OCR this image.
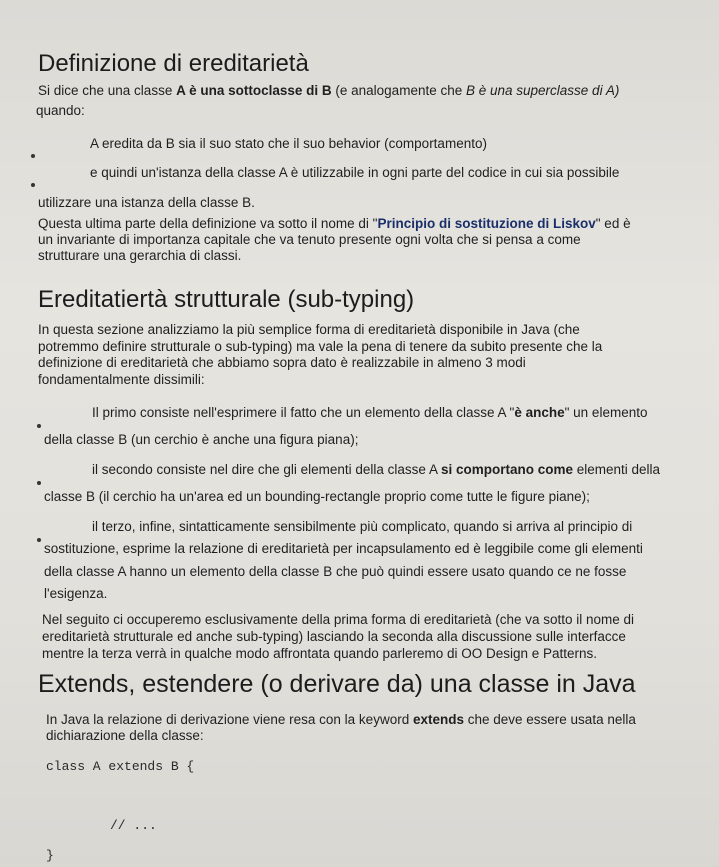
Definizione di ereditarietà
Si dice che una classe A è una sottoclasse di B (e analogamente che B è una superclasse di A)
quando:
A eredita da B sia il suo stato che il suo behavior (comportamento)
e quindi un'istanza della classe A è utilizzabile in ogni parte del codice in cui sia possibile
utilizzare una istanza della classe B.
Questa ultima parte della definizione va sotto il nome di "Principio di sostituzione di Liskov" ed è
un invariante di importanza capitale che va tenuto presente ogni volta che si pensa a come
strutturare una gerarchia di classi.
Ereditatiertà strutturale (sub-typing)
In questa sezione analizziamo la più semplice forma di ereditarietà disponibile in Java (che
potremmo definire strutturale o sub-typing) ma vale la pena di tenere da subito presente che la
definizione di ereditarietà che abbiamo sopra dato è realizzabile in almeno 3 modi
fondamentalmente dissimili:
Il primo consiste nell'esprimere il fatto che un elemento della classe A "è anche" un elemento
della classe B (un cerchio è anche una figura piana);
il secondo consiste nel dire che gli elementi della classe A si comportano come elementi della
classe B (il cerchio ha un'area ed un bounding-rectangle proprio come tutte le figure piane);
il terzo, infine, sintatticamente sensibilmente più complicato, quando si arriva al principio di
sostituzione, esprime la relazione di ereditarietà per incapsulamento ed è leggibile come gli elementi
della classe A hanno un elemento della classe B che può quindi essere usato quando ce ne fosse
l'esigenza.
Nel seguito ci occuperemo esclusivamente della prima forma di ereditarietà (che va sotto il nome di
ereditarietà strutturale ed anche sub-typing) lasciando la seconda alla discussione sulle interfacce
mentre la terza verrà in qualche modo affrontata quando parleremo di OO Design e Patterns.
Extends, estendere (o derivare da) una classe in Java
In Java la relazione di derivazione viene resa con la keyword extends che deve essere usata nella
dichiarazione della classe:
class A extends B {
// ...
}
